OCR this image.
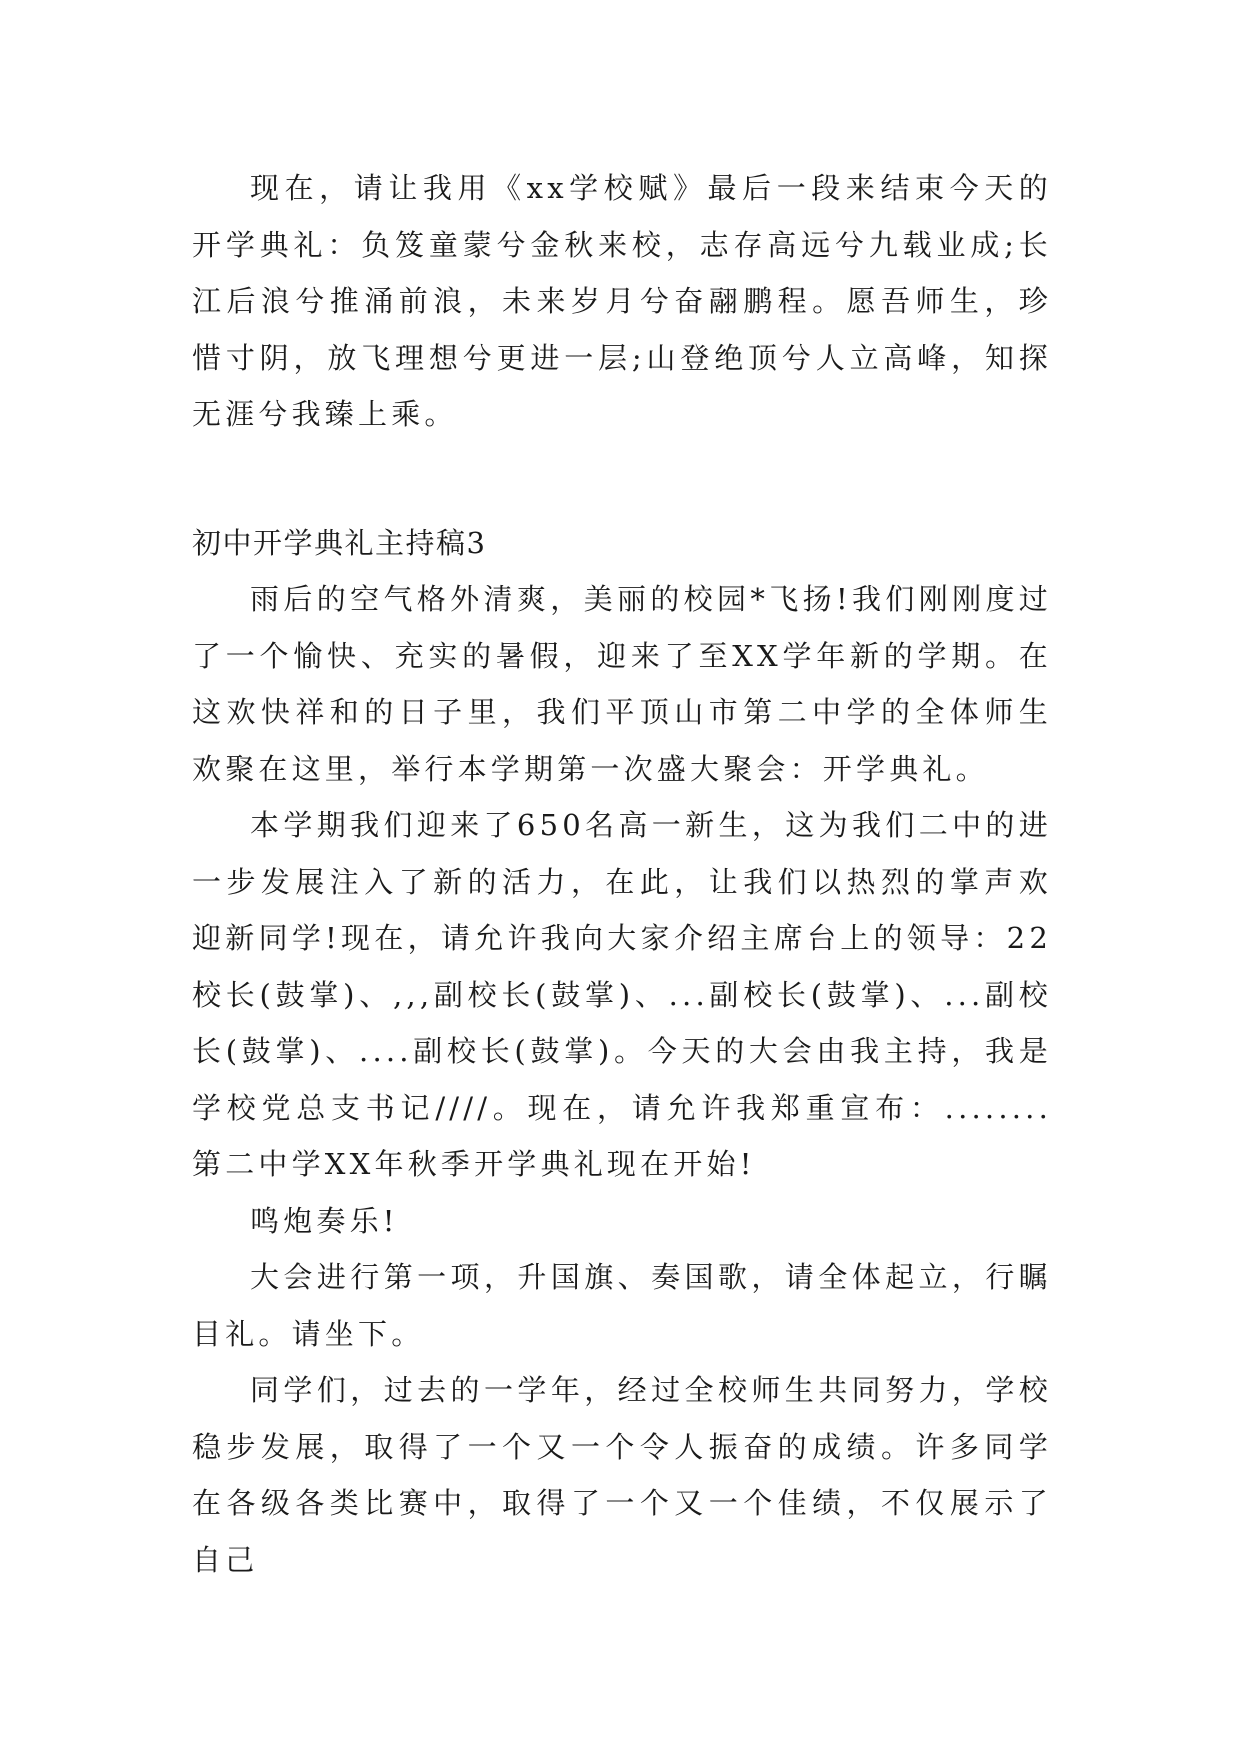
现在，请让我用《xx学校赋》最后一段来结束今天的开学典礼：负笈童蒙兮金秋来校，志存高远兮九载业成;长江后浪兮推涌前浪，未来岁月兮奋翮鹏程。愿吾师生，珍惜寸阴，放飞理想兮更进一层;山登绝顶兮人立高峰，知探无涯兮我臻上乘。

初中开学典礼主持稿3

雨后的空气格外清爽，美丽的校园*飞扬!我们刚刚度过了一个愉快、充实的暑假，迎来了至XX学年新的学期。在这欢快祥和的日子里，我们平顶山市第二中学的全体师生欢聚在这里，举行本学期第一次盛大聚会：开学典礼。

本学期我们迎来了650名高一新生，这为我们二中的进一步发展注入了新的活力，在此，让我们以热烈的掌声欢迎新同学!现在，请允许我向大家介绍主席台上的领导：22校长(鼓掌)、,,,副校长(鼓掌)、...副校长(鼓掌)、...副校长(鼓掌)、....副校长(鼓掌)。今天的大会由我主持，我是学校党总支书记////。现在，请允许我郑重宣布：........第二中学XX年秋季开学典礼现在开始!

鸣炮奏乐!

大会进行第一项，升国旗、奏国歌，请全体起立，行瞩目礼。请坐下。

同学们，过去的一学年，经过全校师生共同努力，学校稳步发展，取得了一个又一个令人振奋的成绩。许多同学在各级各类比赛中，取得了一个又一个佳绩，不仅展示了自己
